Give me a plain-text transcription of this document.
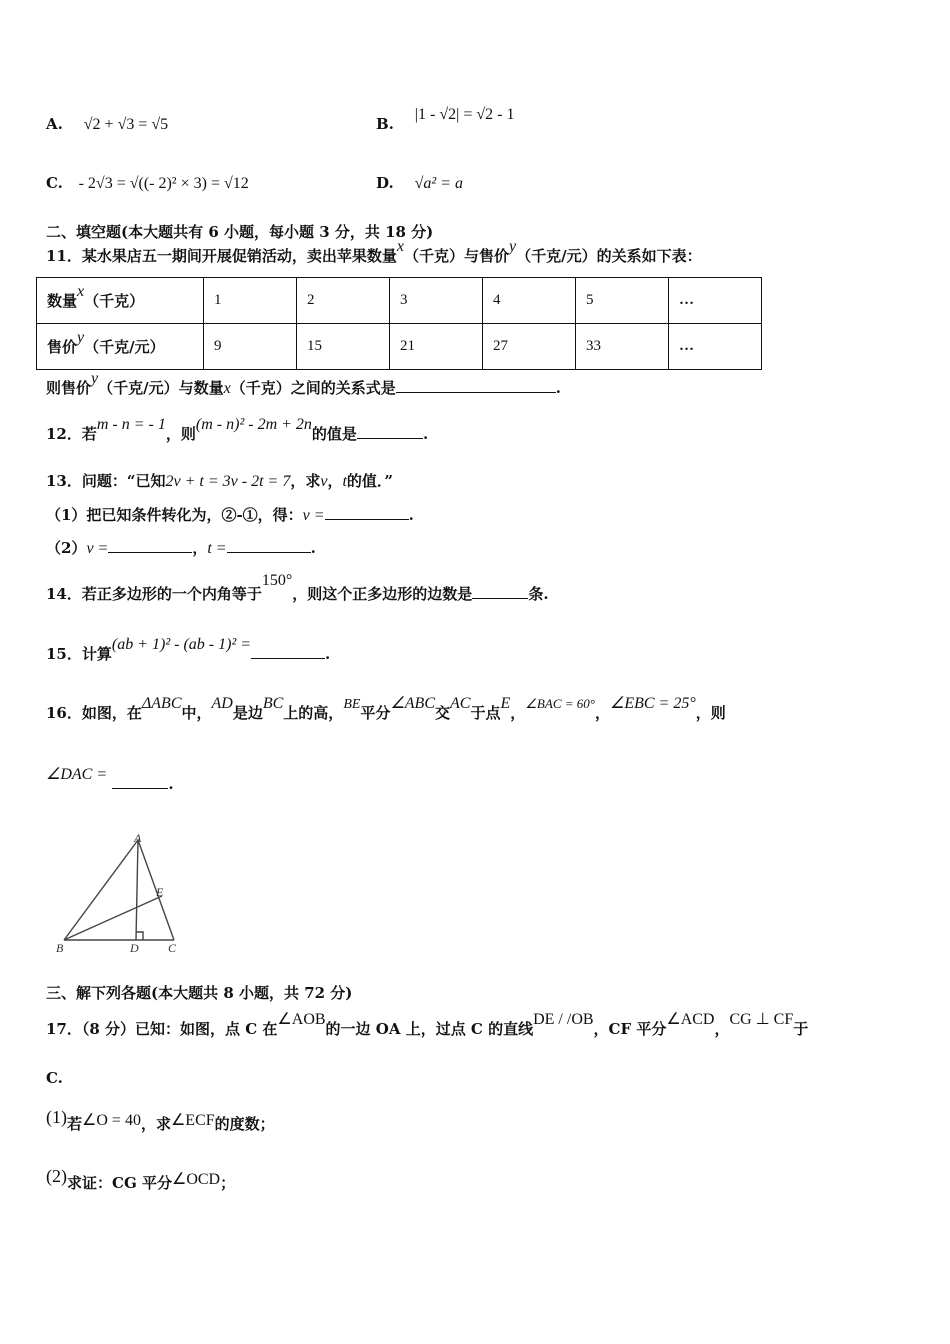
A. √2 + √3 = √5	B.    |1 - √2| = √2 - 1
C. - 2√3 = √((- 2)² × 3) = √12	D. √a² = a
二、填空题(本大题共有 6 小题，每小题 3 分，共 18 分)
11．某水果店五一期间开展促销活动，卖出苹果数量x（千克）与售价y（千克/元）的关系如下表：
数量x（千克）	1	2	3	4	5	…
售价y（千克/元）	9	15	21	27	33	…
则售价y（千克/元）与数量x（千克）之间的关系式是	.
12．若m - n = - 1，则(m - n)² - 2m + 2n的值是	.
13．问题：“已知2v + t = 3v - 2t = 7，求v，t的值．”
（1）把已知条件转化为，②-①，得：v =	.
（2）v =	，t =	.
14．若正多边形的一个内角等于150°，则这个正多边形的边数是	条.
15．计算(ab + 1)² - (ab - 1)² =.
16．如图，在ΔABC中，AD是边BC上的高，BE平分∠ABC交AC于点E，∠BAC = 60°，∠EBC = 25°，则
∠DAC = .
A
B	C
D
E
三、解下列各题(本大题共 8 小题，共 72 分)
17．（8 分）已知：如图，点 C 在∠AOB的一边 OA 上，过点 C 的直线DE / /OB，CF 平分∠ACD，CG ⊥ CF于
C.
(1)若∠O = 40，求∠ECF的度数；
(2)求证：CG 平分∠OCD；
